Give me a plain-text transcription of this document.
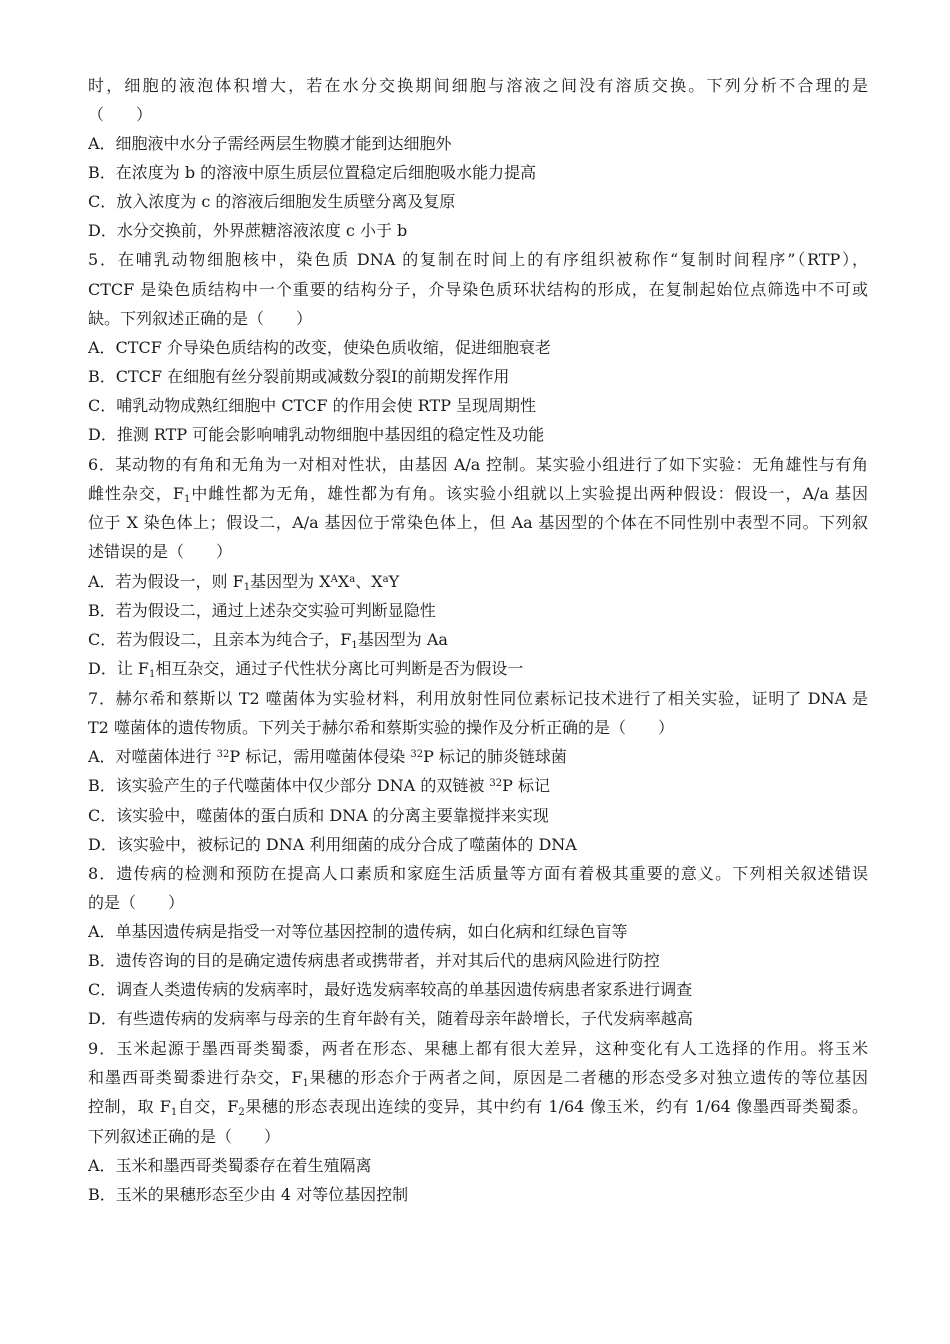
时，细胞的液泡体积增大，若在水分交换期间细胞与溶液之间没有溶质交换。下列分析不合理的是
（　　）
A．细胞液中水分子需经两层生物膜才能到达细胞外
B．在浓度为 b 的溶液中原生质层位置稳定后细胞吸水能力提高
C．放入浓度为 c 的溶液后细胞发生质壁分离及复原
D．水分交换前，外界蔗糖溶液浓度 c 小于 b
5．在哺乳动物细胞核中，染色质 DNA 的复制在时间上的有序组织被称作“复制时间程序”（RTP），
CTCF 是染色质结构中一个重要的结构分子，介导染色质环状结构的形成，在复制起始位点筛选中不可或
缺。下列叙述正确的是（　　）
A．CTCF 介导染色质结构的改变，使染色质收缩，促进细胞衰老
B．CTCF 在细胞有丝分裂前期或减数分裂Ⅰ的前期发挥作用
C．哺乳动物成熟红细胞中 CTCF 的作用会使 RTP 呈现周期性
D．推测 RTP 可能会影响哺乳动物细胞中基因组的稳定性及功能
6．某动物的有角和无角为一对相对性状，由基因 A/a 控制。某实验小组进行了如下实验：无角雄性与有角
雌性杂交，$F_1$中雌性都为无角，雄性都为有角。该实验小组就以上实验提出两种假设：假设一，A/a 基因
位于 X 染色体上；假设二，A/a 基因位于常染色体上，但 Aa 基因型的个体在不同性别中表型不同。下列叙
述错误的是（　　）
A．若为假设一，则 $F_1$基因型为 $X^AX^a$、$X^aY$
B．若为假设二，通过上述杂交实验可判断显隐性
C．若为假设二，且亲本为纯合子，$F_1$基因型为 Aa
D．让 $F_1$相互杂交，通过子代性状分离比可判断是否为假设一
7．赫尔希和蔡斯以 T2 噬菌体为实验材料，利用放射性同位素标记技术进行了相关实验，证明了 DNA 是
T2 噬菌体的遗传物质。下列关于赫尔希和蔡斯实验的操作及分析正确的是（　　）
A．对噬菌体进行 $^{32}$P 标记，需用噬菌体侵染 $^{32}$P 标记的肺炎链球菌
B．该实验产生的子代噬菌体中仅少部分 DNA 的双链被 $^{32}$P 标记
C．该实验中，噬菌体的蛋白质和 DNA 的分离主要靠搅拌来实现
D．该实验中，被标记的 DNA 利用细菌的成分合成了噬菌体的 DNA
8．遗传病的检测和预防在提高人口素质和家庭生活质量等方面有着极其重要的意义。下列相关叙述错误
的是（　　）
A．单基因遗传病是指受一对等位基因控制的遗传病，如白化病和红绿色盲等
B．遗传咨询的目的是确定遗传病患者或携带者，并对其后代的患病风险进行防控
C．调查人类遗传病的发病率时，最好选发病率较高的单基因遗传病患者家系进行调查
D．有些遗传病的发病率与母亲的生育年龄有关，随着母亲年龄增长，子代发病率越高
9．玉米起源于墨西哥类蜀黍，两者在形态、果穗上都有很大差异，这种变化有人工选择的作用。将玉米
和墨西哥类蜀黍进行杂交，$F_1$果穗的形态介于两者之间，原因是二者穗的形态受多对独立遗传的等位基因
控制，取 $F_1$自交，$F_2$果穗的形态表现出连续的变异，其中约有 1/64 像玉米，约有 1/64 像墨西哥类蜀黍。
下列叙述正确的是（　　）
A．玉米和墨西哥类蜀黍存在着生殖隔离
B．玉米的果穗形态至少由 4 对等位基因控制
